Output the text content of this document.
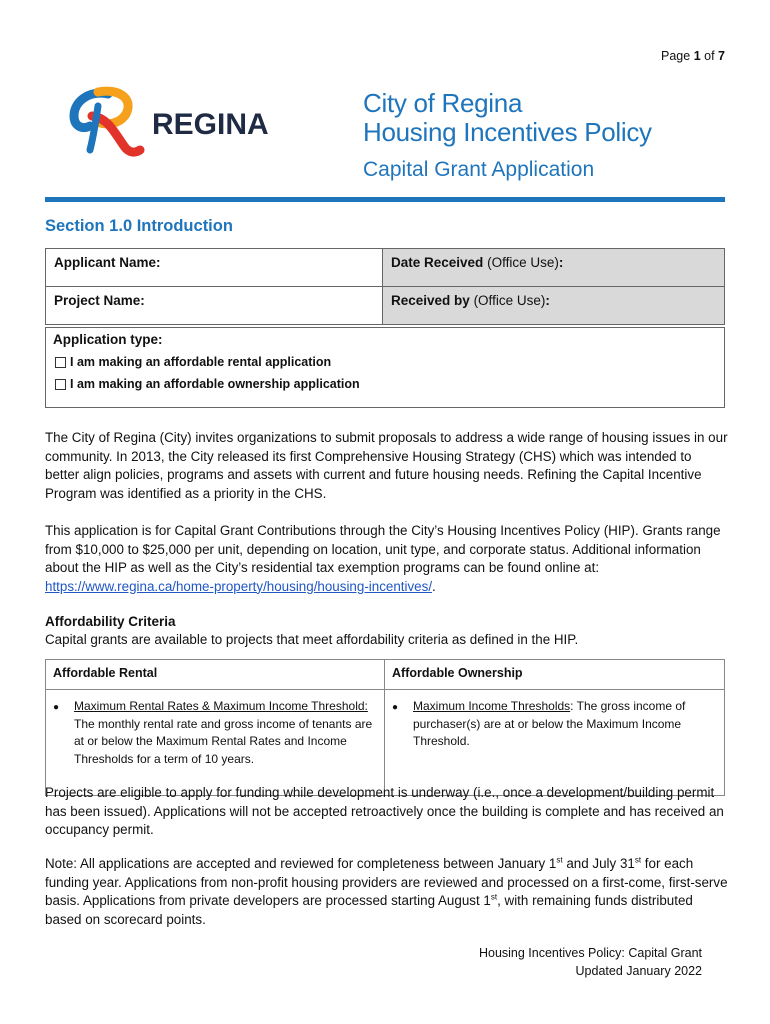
Page 1 of 7
REGINA
City of Regina
Housing Incentives Policy
Capital Grant Application
Section 1.0 Introduction
Applicant Name:	Date Received (Office Use):
Project Name:	Received by (Office Use):
Application type:
I am making an affordable rental application
I am making an affordable ownership application
The City of Regina (City) invites organizations to submit proposals to address a wide range of housing issues in our community. In 2013, the City released its first Comprehensive Housing Strategy (CHS) which was intended to better align policies, programs and assets with current and future housing needs. Refining the Capital Incentive Program was identified as a priority in the CHS.
This application is for Capital Grant Contributions through the City’s Housing Incentives Policy (HIP). Grants range from $10,000 to $25,000 per unit, depending on location, unit type, and corporate status. Additional information about the HIP as well as the City’s residential tax exemption programs can be found online at: https://www.regina.ca/home-property/housing/housing-incentives/.
Affordability Criteria
Capital grants are available to projects that meet affordability criteria as defined in the HIP.
Affordable Rental	Affordable Ownership

● Maximum Rental Rates & Maximum Income Threshold: The monthly rental rate and gross income of tenants are at or below the Maximum Rental Rates and Income Thresholds for a term of 10 years.	● Maximum Income Thresholds: The gross income of purchaser(s) are at or below the Maximum Income Threshold.
Projects are eligible to apply for funding while development is underway (i.e., once a development/building permit has been issued). Applications will not be accepted retroactively once the building is complete and has received an occupancy permit.
Note: All applications are accepted and reviewed for completeness between January 1st and July 31st for each funding year. Applications from non-profit housing providers are reviewed and processed on a first-come, first-serve basis. Applications from private developers are processed starting August 1st, with remaining funds distributed based on scorecard points.
Housing Incentives Policy: Capital Grant
Updated January 2022
